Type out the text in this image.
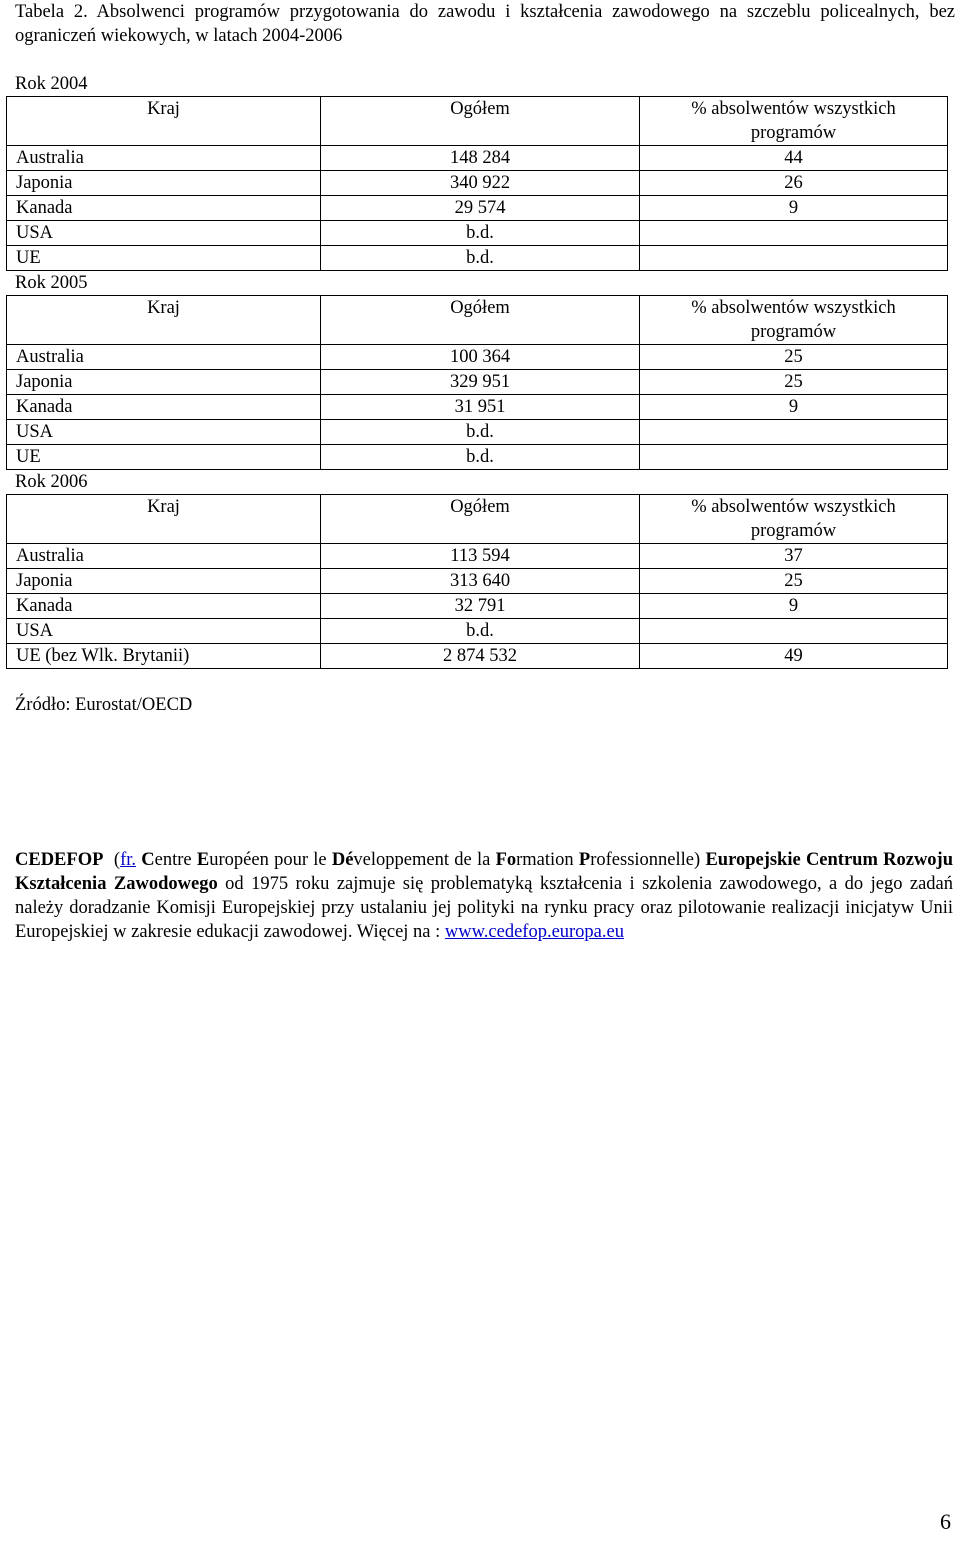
Tabela 2. Absolwenci programów przygotowania do zawodu i kształcenia zawodowego na szczeblu policealnych, bez ograniczeń wiekowych, w latach 2004-2006
Rok 2004
Kraj	Ogółem	% absolwentów wszystkich programów
Australia	148 284	44
Japonia	340 922	26
Kanada	29 574	9
USA	b.d.	
UE	b.d.	
Rok 2005
Kraj	Ogółem	% absolwentów wszystkich programów
Australia	100 364	25
Japonia	329 951	25
Kanada	31 951	9
USA	b.d.	
UE	b.d.	
Rok 2006
Kraj	Ogółem	% absolwentów wszystkich programów
Australia	113 594	37
Japonia	313 640	25
Kanada	32 791	9
USA	b.d.	
UE (bez Wlk. Brytanii)	2 874 532	49
Źródło: Eurostat/OECD
CEDEFOP (fr. Centre Européen pour le Développement de la Formation Professionnelle) Europejskie Centrum Rozwoju Kształcenia Zawodowego od 1975 roku zajmuje się problematyką kształcenia i szkolenia zawodowego, a do jego zadań należy doradzanie Komisji Europejskiej przy ustalaniu jej polityki na rynku pracy oraz pilotowanie realizacji inicjatyw Unii Europejskiej w zakresie edukacji zawodowej. Więcej na : www.cedefop.europa.eu
6
